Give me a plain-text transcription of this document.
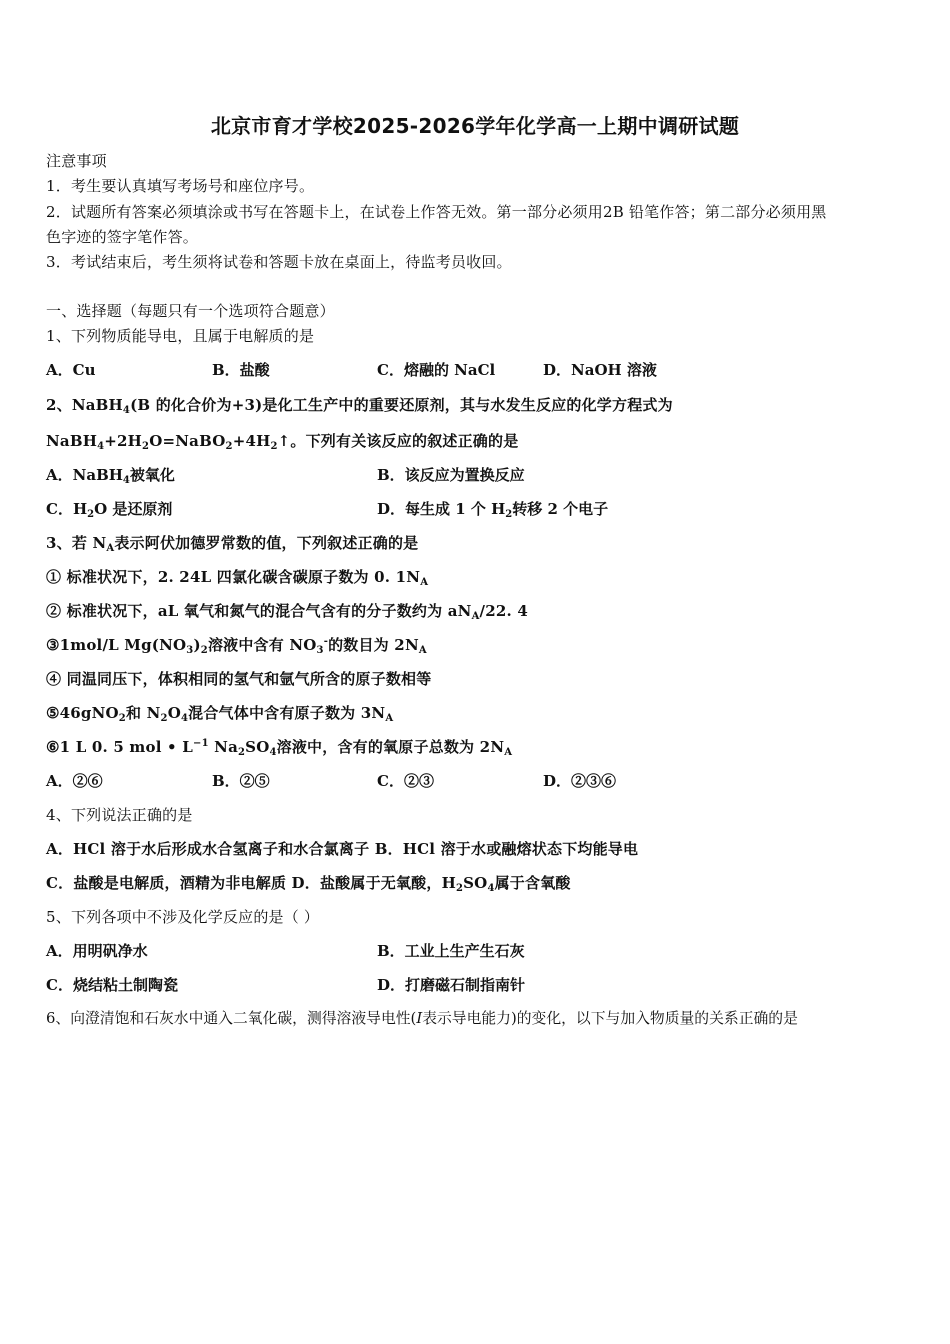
北京市育才学校2025-2026学年化学高一上期中调研试题
注意事项
1．考生要认真填写考场号和座位序号。
2．试题所有答案必须填涂或书写在答题卡上，在试卷上作答无效。第一部分必须用2B 铅笔作答；第二部分必须用黑
色字迹的签字笔作答。
3．考试结束后，考生须将试卷和答题卡放在桌面上，待监考员收回。
一、选择题（每题只有一个选项符合题意）
1、下列物质能导电，且属于电解质的是
A．Cu	B．盐酸	C．熔融的 NaCl	D．NaOH 溶液
2、NaBH$_4$(B 的化合价为+3)是化工生产中的重要还原剂，其与水发生反应的化学方程式为
$NaBH_4+2H_2O=NaBO_2+4H_2↑$。下列有关该反应的叙述正确的是
A．NaBH$_4$被氧化	B．该反应为置换反应
C．$H_2O$ 是还原剂	D．每生成 1 个 $H_2$转移 2 个电子
3、若 $N_A$表示阿伏加德罗常数的值，下列叙述正确的是
① 标准状况下，2. 24L 四氯化碳含碳原子数为 0. $1N_A$
② 标准状况下，aL 氧气和氮气的混合气含有的分子数约为 $aN_A/22$. 4
③1mol/L $Mg(NO_3)_2$溶液中含有 $NO_3^-$的数目为 $2N_A$
④ 同温同压下，体积相同的氢气和氩气所含的原子数相等
⑤46gNO$_2$和 $N_2O_4$混合气体中含有原子数为 $3N_A$
⑥1 L 0. 5 mol • $L^{-1}$ $Na_2SO_4$溶液中，含有的氧原子总数为 $2N_A$
A．②⑥	B．②⑤	C．②③	D．②③⑥
4、下列说法正确的是
A．HCl 溶于水后形成水合氢离子和水合氯离子 B．HCl 溶于水或融熔状态下均能导电
C．盐酸是电解质，酒精为非电解质 D．盐酸属于无氧酸，$H_2SO_4$属于含氧酸
5、下列各项中不涉及化学反应的是（ ）
A．用明矾净水	B．工业上生产生石灰
C．烧结粘土制陶瓷	D．打磨磁石制指南针
6、向澄清饱和石灰水中通入二氧化碳，测得溶液导电性(I表示导电能力)的变化，以下与加入物质量的关系正确的是
